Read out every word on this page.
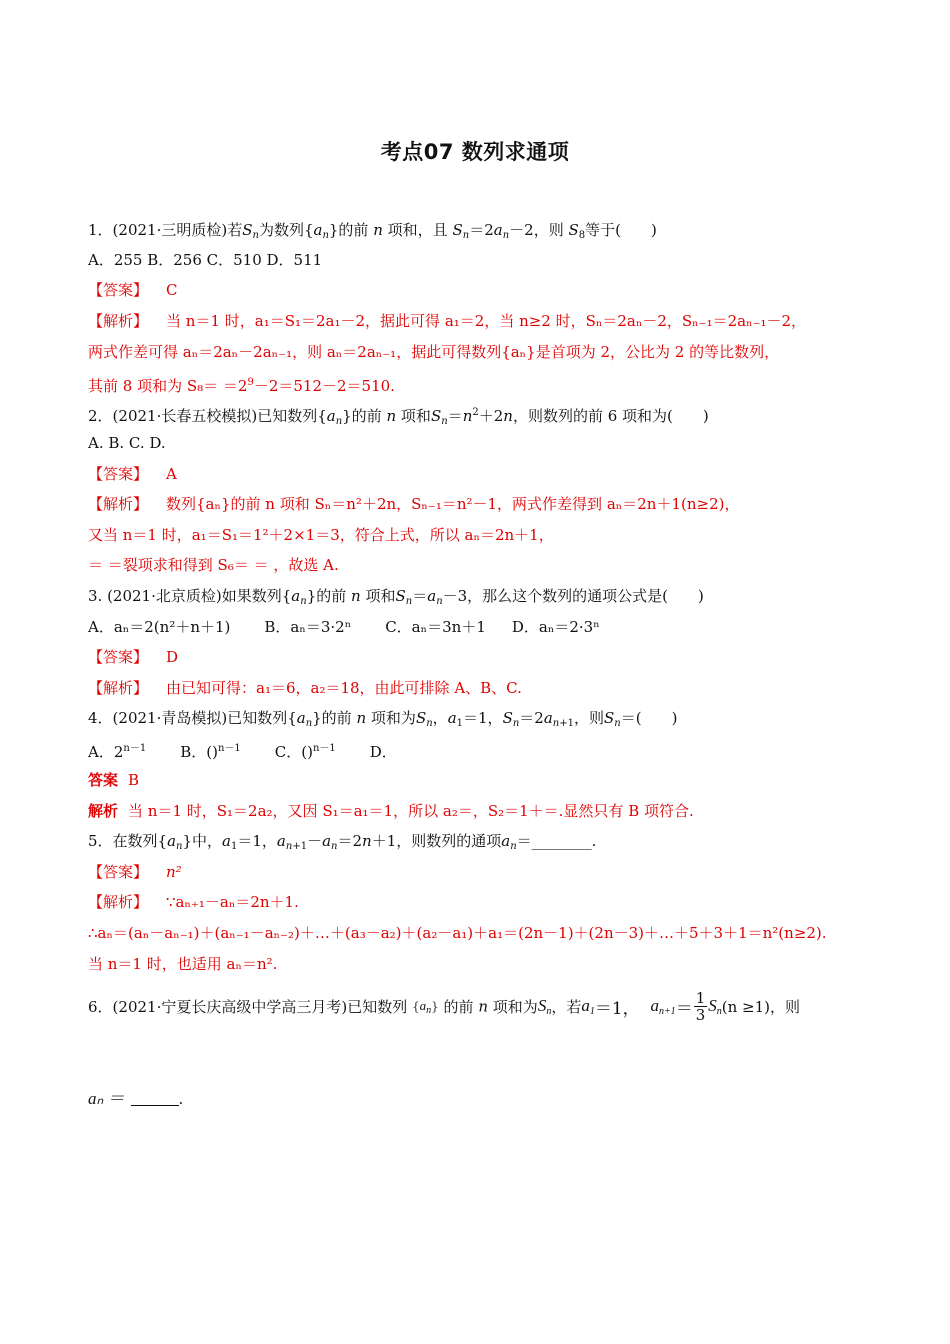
考点07 数列求通项
1．(2021·三明质检)若$S_n$为数列$\{a_n\}$的前 n 项和，且 $S_n=2a_n-2$，则 $S_8$等于(　　)
A．255 B．256 C．510 D．511
【答案】 C
【解析】 当 n＝1 时，a₁＝S₁＝2a₁－2，据此可得 a₁＝2，当 n≥2 时，Sₙ＝2aₙ－2，Sₙ₋₁＝2aₙ₋₁－2，
两式作差可得 aₙ＝2aₙ－2aₙ₋₁，则 aₙ＝2aₙ₋₁，据此可得数列{aₙ}是首项为 2，公比为 2 的等比数列，
其前 8 项和为 $S_8= =2^9-2=512-2=510$.
2．(2021·长春五校模拟)已知数列$\{a_n\}$的前 n 项和$S_n=n^2+2n$，则数列的前 6 项和为(　　)
A. B. C. D.
【答案】 A
【解析】 数列{aₙ}的前 n 项和 Sₙ＝n²＋2n，Sₙ₋₁＝n²－1，两式作差得到 aₙ＝2n＋1(n≥2)，
又当 n＝1 时，a₁＝S₁＝1²＋2×1＝3，符合上式，所以 aₙ＝2n＋1，
＝ ＝裂项求和得到 S₆＝ ＝ ，故选 A.
3. (2021·北京质检)如果数列$\{a_n\}$的前 n 项和$S_n=a_n-3$，那么这个数列的通项公式是(　　)
A．aₙ＝2(n²＋n＋1) B．aₙ＝3·2ⁿ C．aₙ＝3n＋1 D．aₙ＝2·3ⁿ
【答案】 D
【解析】 由已知可得：a₁＝6，a₂＝18，由此可排除 A、B、C.
4．(2021·青岛模拟)已知数列$\{a_n\}$的前 n 项和为$S_n$，$a_1=1$，$S_n=2a_{n+1}$，则$S_n=$(　　)
A．$2^{n-1}$ B．()$^{n-1}$ C．()$^{n-1}$ D．
答案 B
解析 当 n＝1 时，S₁＝2a₂，又因 S₁＝a₁＝1，所以 a₂＝，S₂＝1＋＝.显然只有 B 项符合.
5．在数列$\{a_n\}$中，$a_1=1$，$a_{n+1}-a_n=2n+1$，则数列的通项$a_n=\_\_\_\_\_\_\_\_$.
【答案】 n²
【解析】 ∵aₙ₊₁－aₙ＝2n＋1.
∴aₙ＝(aₙ－aₙ₋₁)＋(aₙ₋₁－aₙ₋₂)＋…＋(a₃－a₂)＋(a₂－a₁)＋a₁＝(2n－1)＋(2n－3)＋…＋5＋3＋1＝n²(n≥2).
当 n＝1 时，也适用 aₙ＝n².
6．(2021·宁夏长庆高级中学高三月考)已知数列 $\{a_n\}$ 的前 n 项和为$S_n$，若$a_1=1$， $a_{n+1}= \frac{1}{3} S_n(n \ge 1)$，则
aₙ ＝	.
